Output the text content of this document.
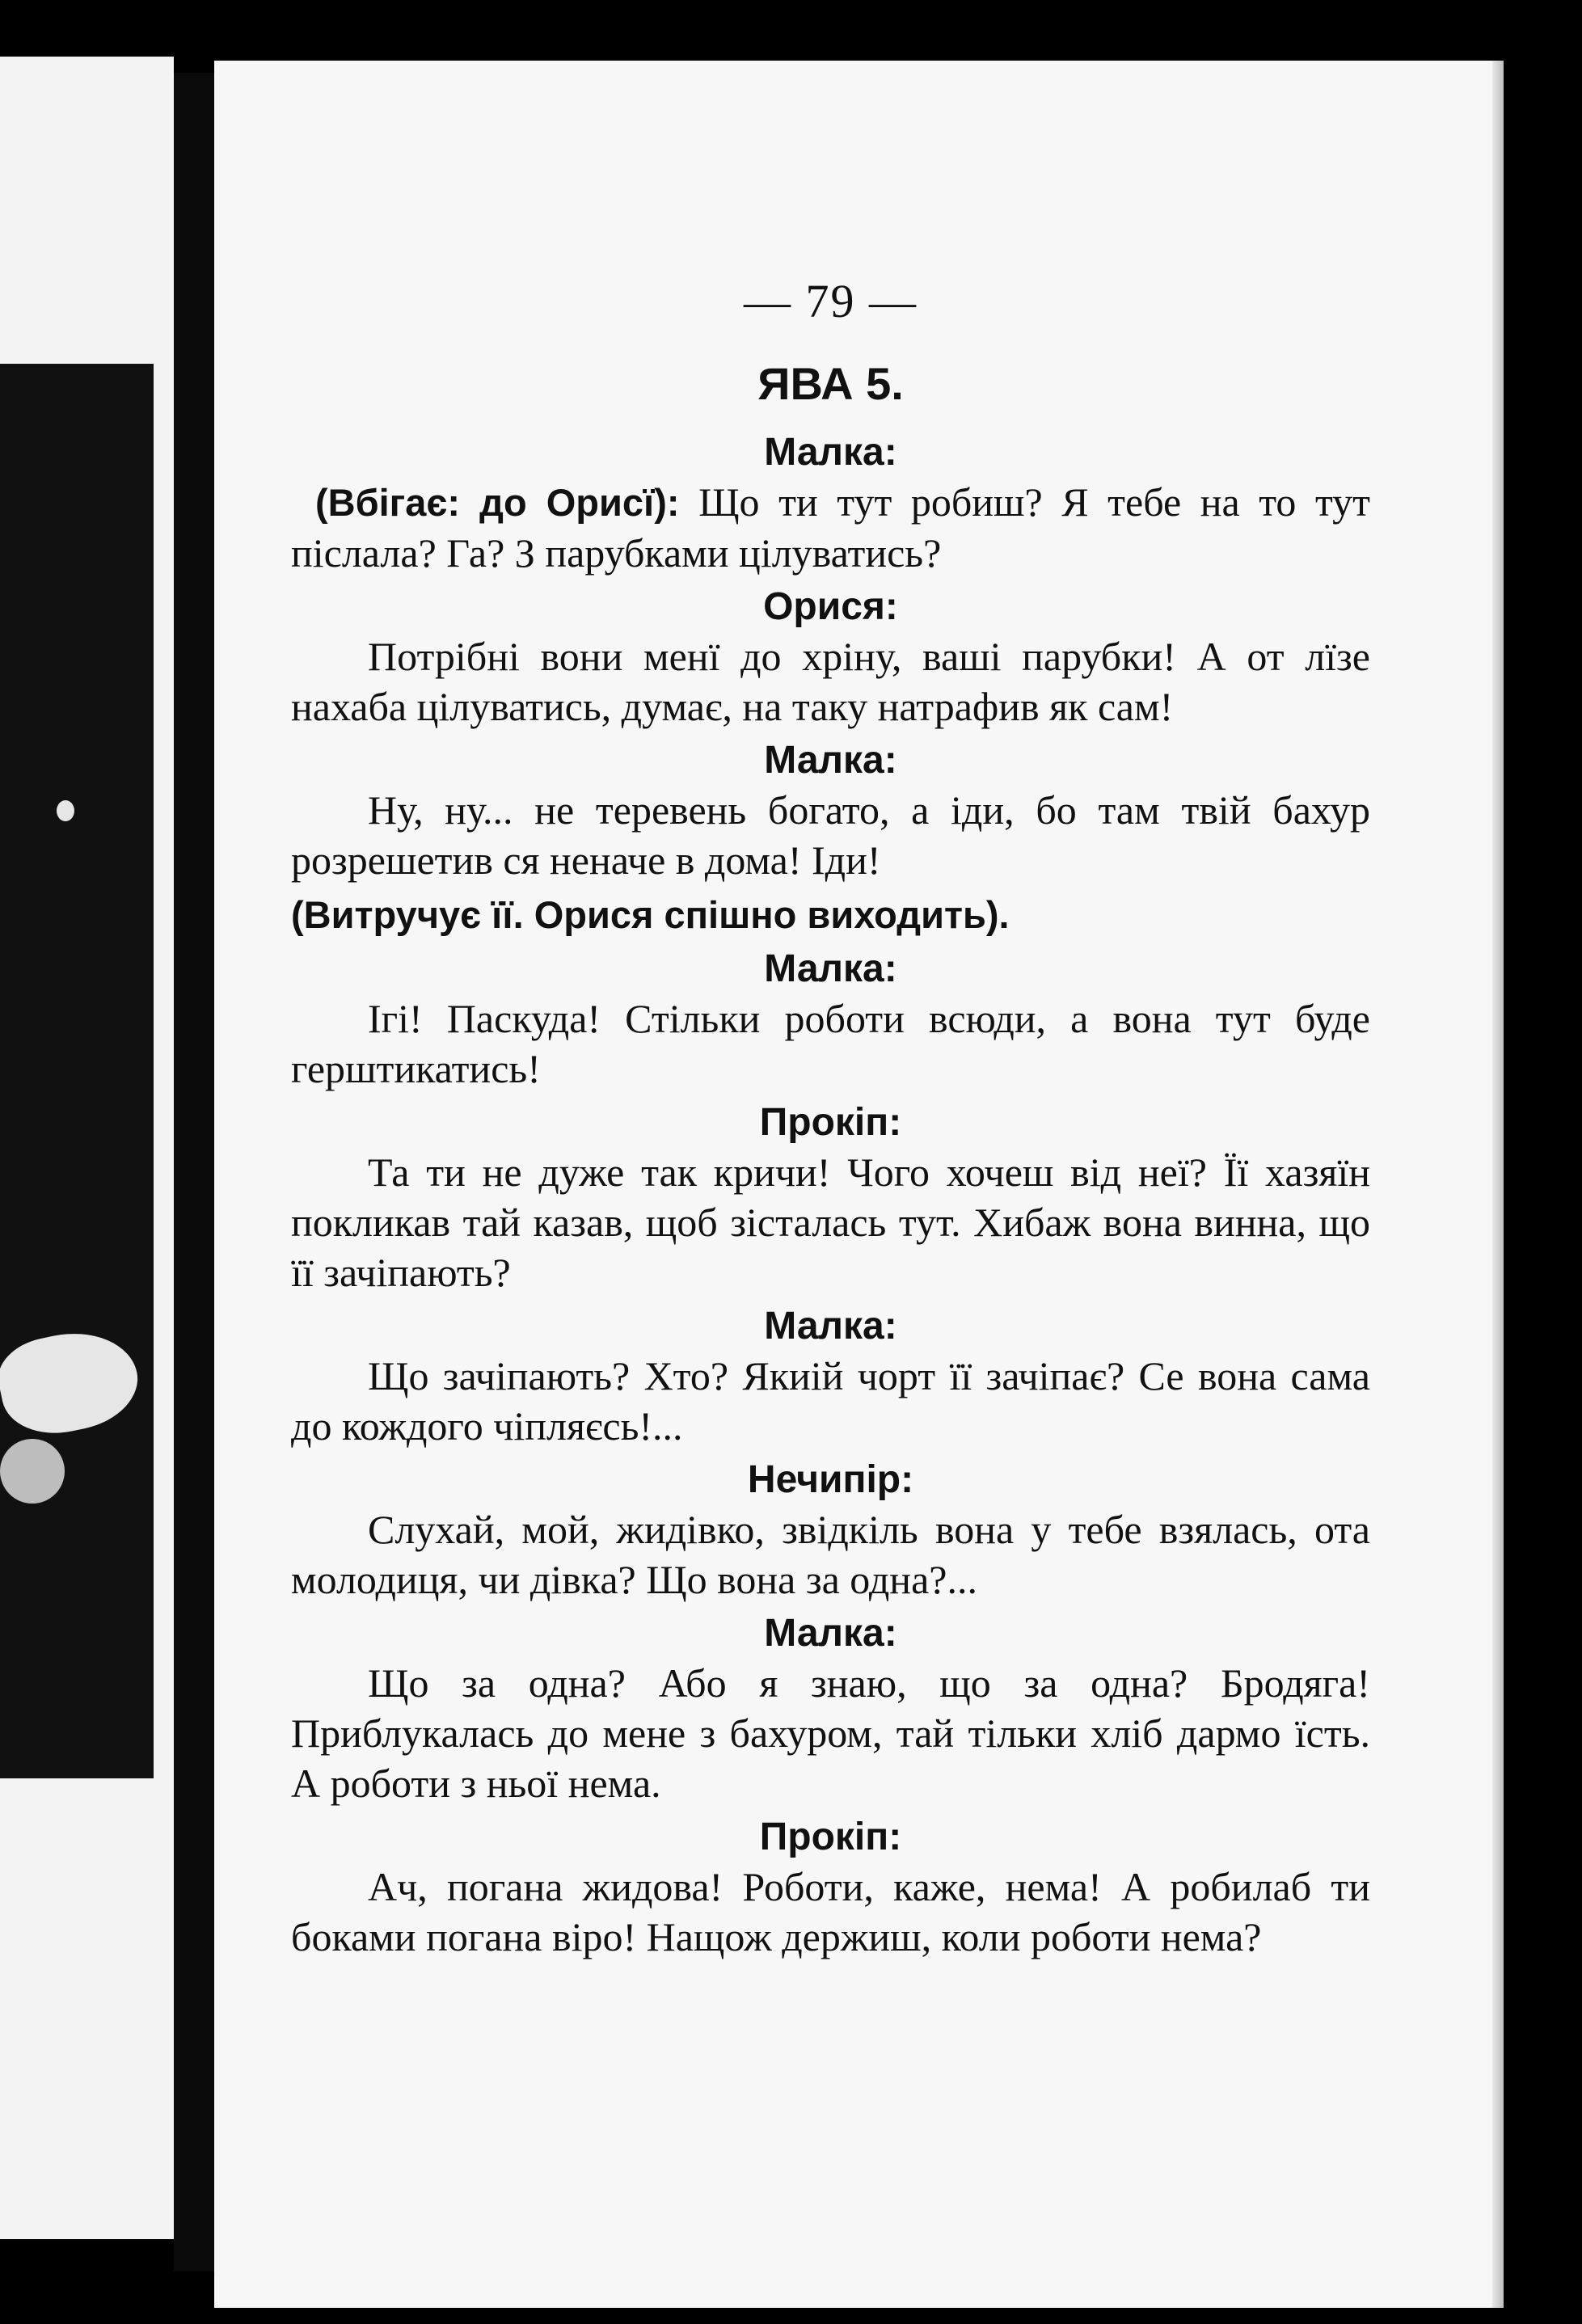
— 79 —

ЯВА 5.

Малка:

(Вбігає: до Орисї): Що ти тут робиш? Я тебе на то тут післала? Га? З парубками цілуватись?

Орися:

Потрібні вони менї до хріну, ваші парубки! А от лїзе нахаба цілуватись, думає, на таку натрафив як сам!

Малка:

Ну, ну... не теревень богато, а іди, бо там твій бахур розрешетив ся неначе в дома! Іди!

(Витручує її. Орися спішно виходить).

Малка:

Ігі! Паскуда! Стільки роботи всюди, а вона тут буде герштикатись!

Прокіп:

Та ти не дуже так кричи! Чого хочеш від неї? Її хазяїн покликав тай казав, щоб зісталась тут. Хибаж вона винна, що її зачіпають?

Малка:

Що зачіпають? Хто? Якиій чорт її зачіпає? Се вона сама до кождого чіпляєсь!...

Нечипір:

Слухай, мой, жидівко, звідкіль вона у тебе взялась, ота молодиця, чи дівка? Що вона за одна?...

Малка:

Що за одна? Або я знаю, що за одна? Бродяга! Приблукалась до мене з бахуром, тай тільки хліб дармо їсть. А роботи з ньої нема.

Прокіп:

Ач, погана жидова! Роботи, каже, нема! А робилаб ти боками погана віро! Нащож держиш, коли роботи нема?
